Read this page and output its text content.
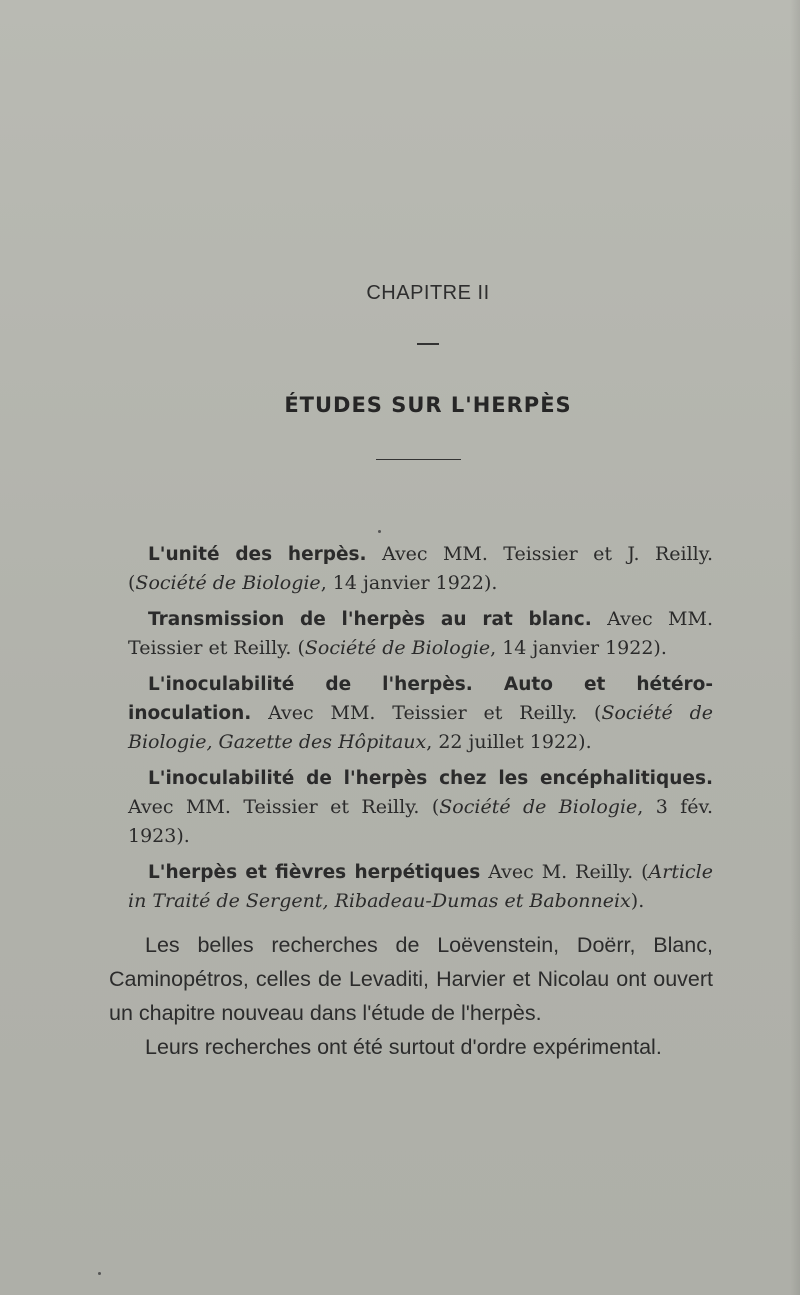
CHAPITRE II
ÉTUDES SUR L'HERPÈS

L'unité des herpès. Avec MM. Teissier et J. Reilly. (Société de Biologie, 14 janvier 1922).

Transmission de l'herpès au rat blanc. Avec MM. Teissier et Reilly. (Société de Biologie, 14 janvier 1922).

L'inoculabilité de l'herpès. Auto et hétéro-inoculation. Avec MM. Teissier et Reilly. (Société de Biologie, Gazette des Hôpitaux, 22 juillet 1922).

L'inoculabilité de l'herpès chez les encéphalitiques. Avec MM. Teissier et Reilly. (Société de Biologie, 3 fév. 1923).

L'herpès et fièvres herpétiques Avec M. Reilly. (Article in Traité de Sergent, Ribadeau-Dumas et Babonneix).

Les belles recherches de Loëvenstein, Doërr, Blanc, Caminopétros, celles de Levaditi, Harvier et Nicolau ont ouvert un chapitre nouveau dans l'étude de l'herpès.

Leurs recherches ont été surtout d'ordre expérimental.
